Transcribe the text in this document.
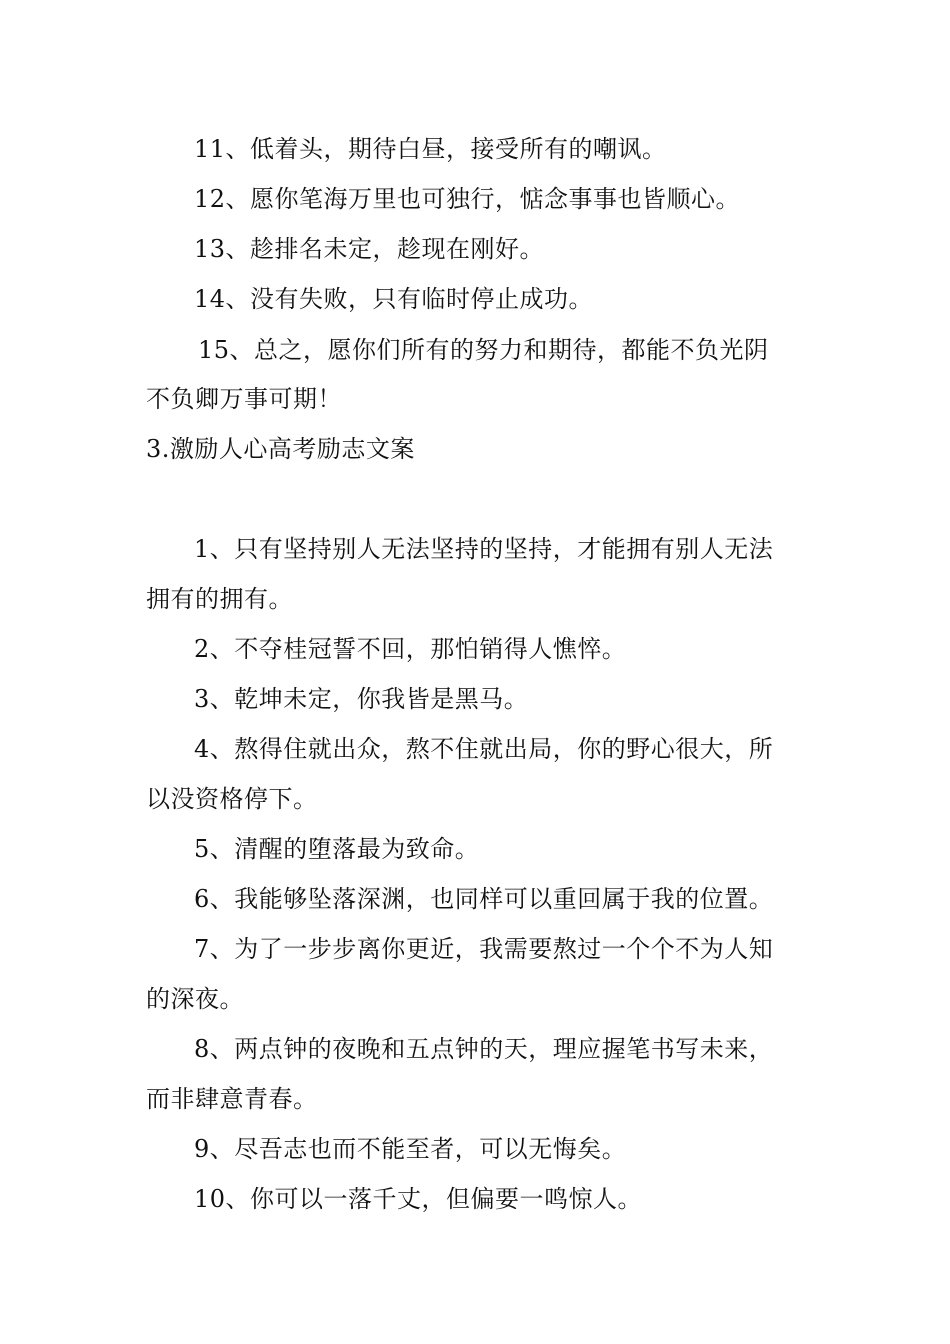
11、低着头，期待白昼，接受所有的嘲讽。
12、愿你笔海万里也可独行，惦念事事也皆顺心。
13、趁排名未定，趁现在刚好。
14、没有失败，只有临时停止成功。
15、总之，愿你们所有的努力和期待，都能不负光阴
不负卿万事可期！
3.激励人心高考励志文案
1、只有坚持别人无法坚持的坚持，才能拥有别人无法
拥有的拥有。
2、不夺桂冠誓不回，那怕销得人憔悴。
3、乾坤未定，你我皆是黑马。
4、熬得住就出众，熬不住就出局，你的野心很大，所
以没资格停下。
5、清醒的堕落最为致命。
6、我能够坠落深渊，也同样可以重回属于我的位置。
7、为了一步步离你更近，我需要熬过一个个不为人知
的深夜。
8、两点钟的夜晚和五点钟的天，理应握笔书写未来，
而非肆意青春。
9、尽吾志也而不能至者，可以无悔矣。
10、你可以一落千丈，但偏要一鸣惊人。
